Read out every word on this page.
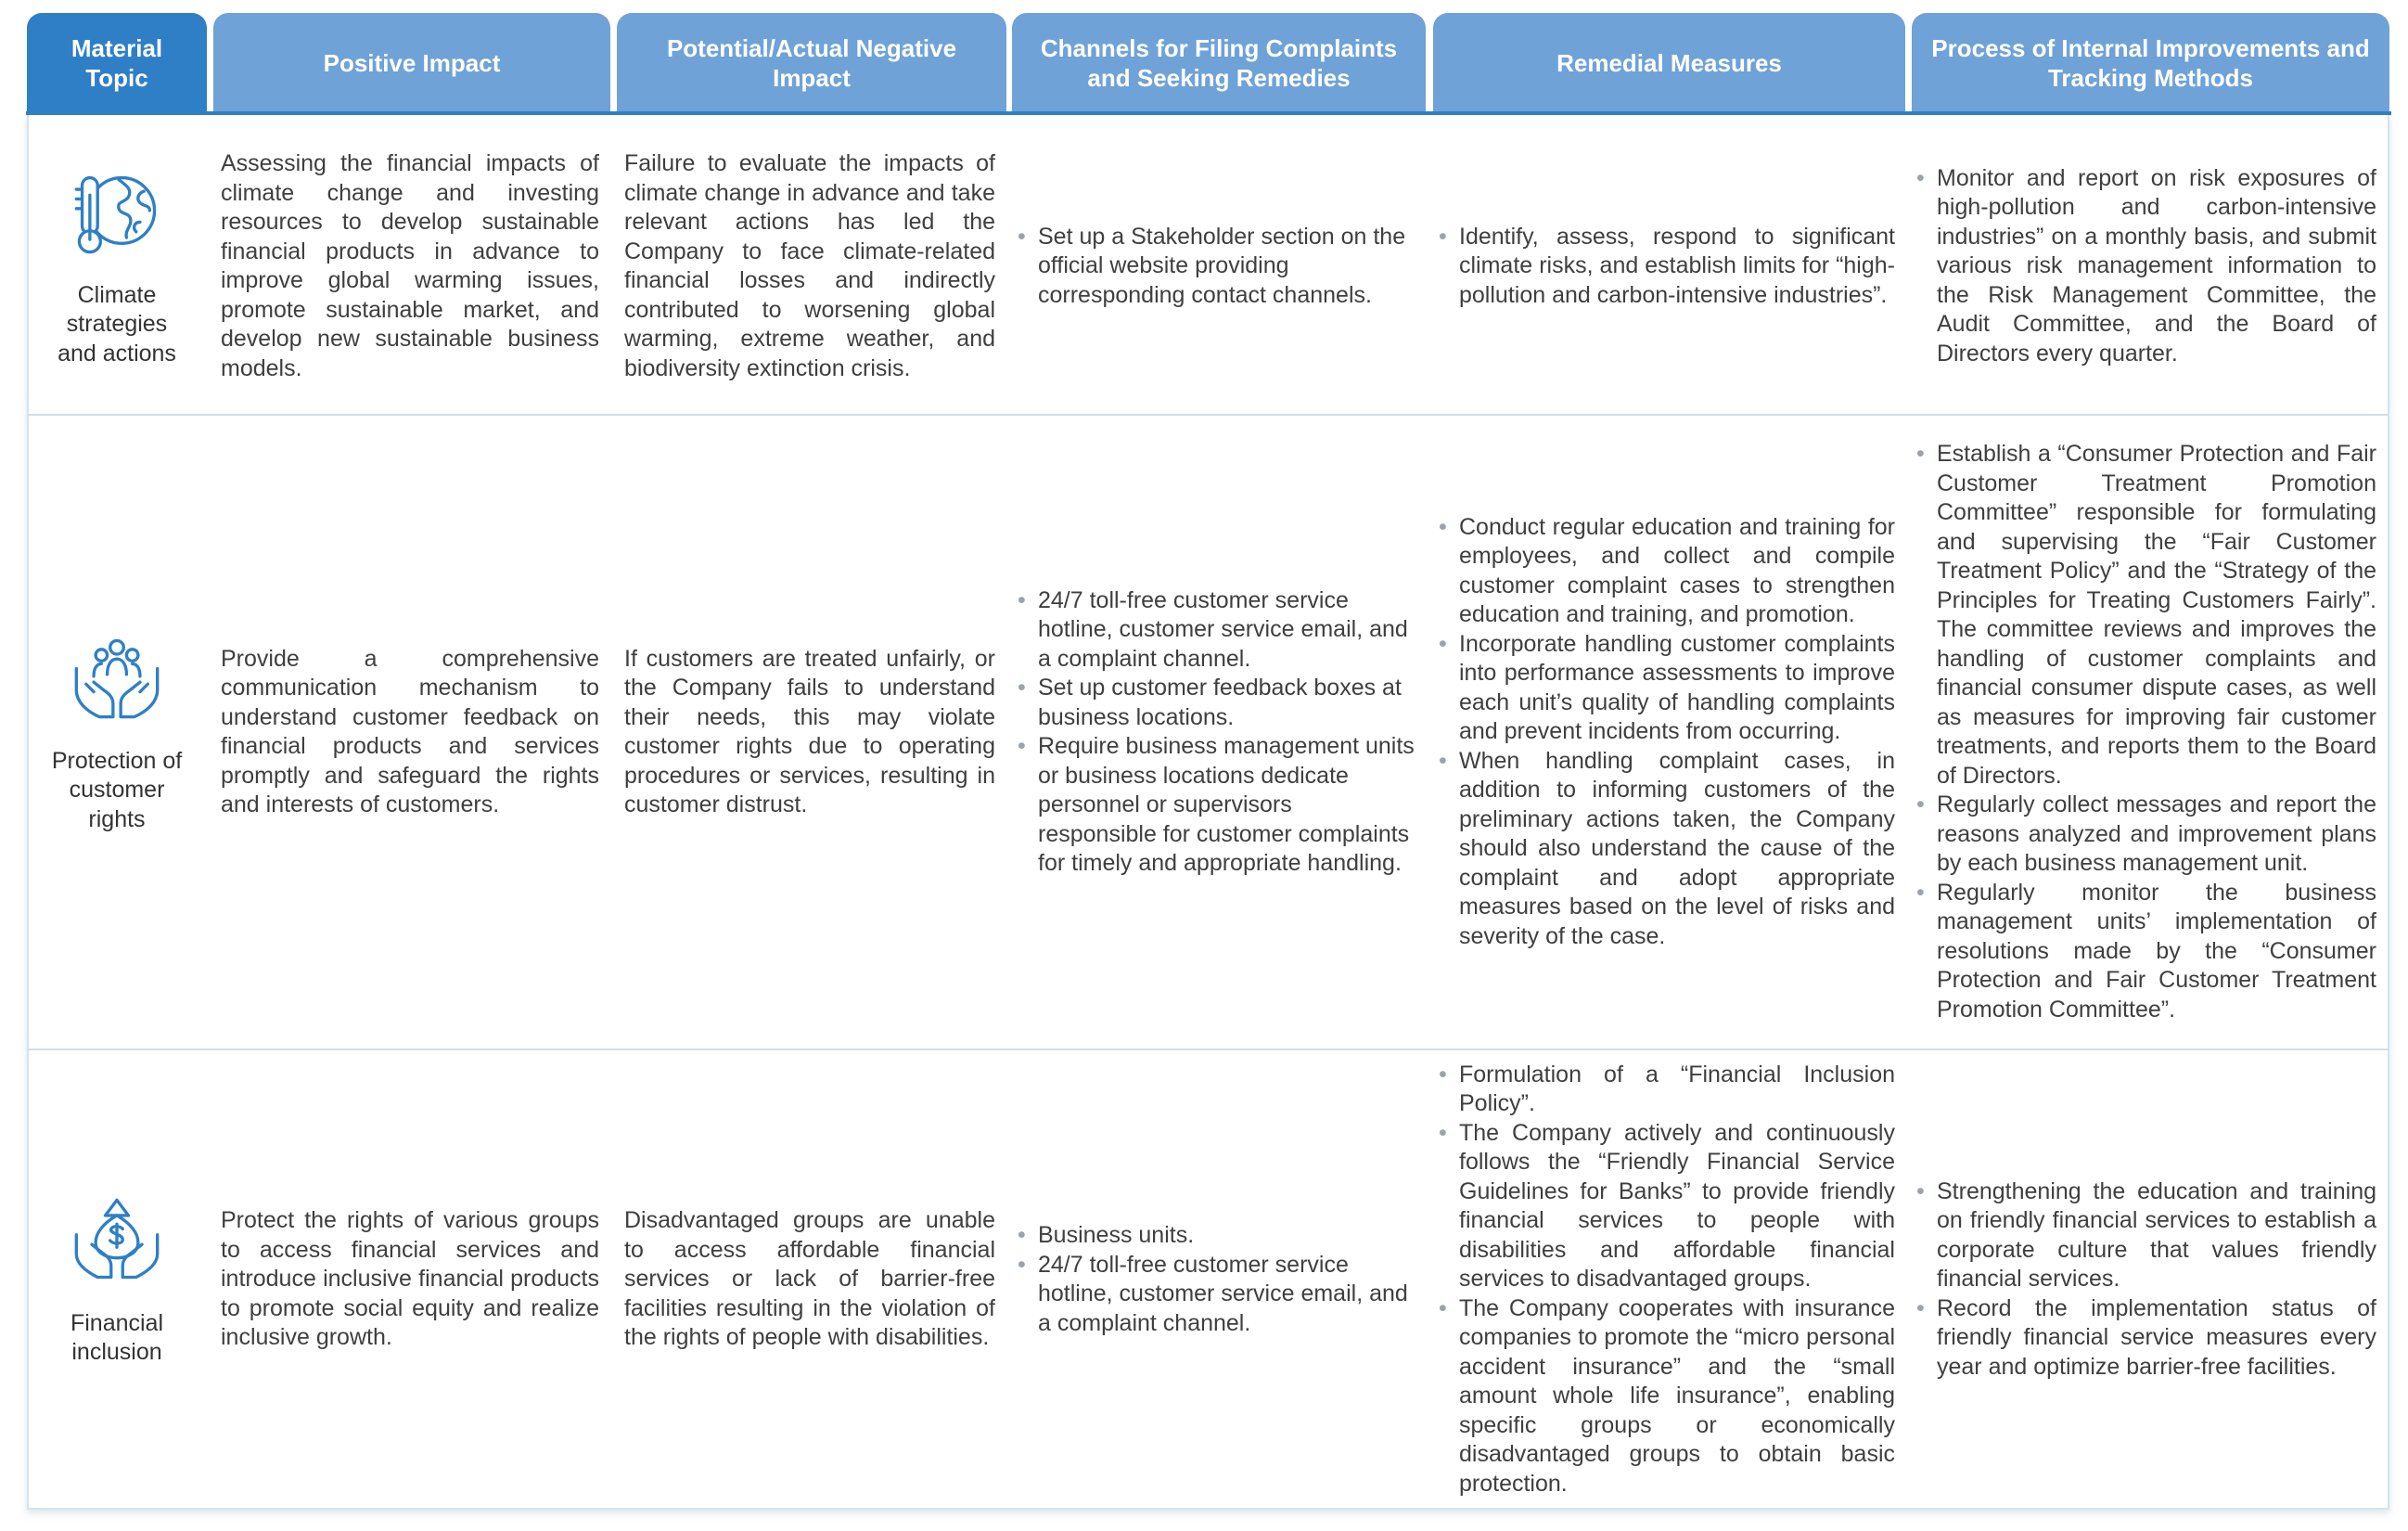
Material Topic
Positive Impact
Potential/Actual Negative Impact
Channels for Filing Complaints and Seeking Remedies
Remedial Measures
Process of Internal Improvements and Tracking Methods
Climate strategies and actions
Assessing the financial impacts of climate change and investing resources to develop sustainable financial products in advance to improve global warming issues, promote sustainable market, and develop new sustainable business models.
Failure to evaluate the impacts of climate change in advance and take relevant actions has led the Company to face climate-related financial losses and indirectly contributed to worsening global warming, extreme weather, and biodiversity extinction crisis.
• Set up a Stakeholder section on the official website providing corresponding contact channels.
• Identify, assess, respond to significant climate risks, and establish limits for “high-pollution and carbon-intensive industries”.
• Monitor and report on risk exposures of high-pollution and carbon-intensive industries” on a monthly basis, and submit various risk management information to the Risk Management Committee, the Audit Committee, and the Board of Directors every quarter.
Protection of customer rights
Provide a comprehensive communication mechanism to understand customer feedback on financial products and services promptly and safeguard the rights and interests of customers.
If customers are treated unfairly, or the Company fails to understand their needs, this may violate customer rights due to operating procedures or services, resulting in customer distrust.
• 24/7 toll-free customer service hotline, customer service email, and a complaint channel.
• Set up customer feedback boxes at business locations.
• Require business management units or business locations dedicate personnel or supervisors responsible for customer complaints for timely and appropriate handling.
• Conduct regular education and training for employees, and collect and compile customer complaint cases to strengthen education and training, and promotion.
• Incorporate handling customer complaints into performance assessments to improve each unit’s quality of handling complaints and prevent incidents from occurring.
• When handling complaint cases, in addition to informing customers of the preliminary actions taken, the Company should also understand the cause of the complaint and adopt appropriate measures based on the level of risks and severity of the case.
• Establish a “Consumer Protection and Fair Customer Treatment Promotion Committee” responsible for formulating and supervising the “Fair Customer Treatment Policy” and the “Strategy of the Principles for Treating Customers Fairly”. The committee reviews and improves the handling of customer complaints and financial consumer dispute cases, as well as measures for improving fair customer treatments, and reports them to the Board of Directors.
• Regularly collect messages and report the reasons analyzed and improvement plans by each business management unit.
• Regularly monitor the business management units’ implementation of resolutions made by the “Consumer Protection and Fair Customer Treatment Promotion Committee”.
Financial inclusion
Protect the rights of various groups to access financial services and introduce inclusive financial products to promote social equity and realize inclusive growth.
Disadvantaged groups are unable to access affordable financial services or lack of barrier-free facilities resulting in the violation of the rights of people with disabilities.
• Business units.
• 24/7 toll-free customer service hotline, customer service email, and a complaint channel.
• Formulation of a “Financial Inclusion Policy”.
• The Company actively and continuously follows the “Friendly Financial Service Guidelines for Banks” to provide friendly financial services to people with disabilities and affordable financial services to disadvantaged groups.
• The Company cooperates with insurance companies to promote the “micro personal accident insurance” and the “small amount whole life insurance”, enabling specific groups or economically disadvantaged groups to obtain basic protection.
• Strengthening the education and training on friendly financial services to establish a corporate culture that values friendly financial services.
• Record the implementation status of friendly financial service measures every year and optimize barrier-free facilities.
